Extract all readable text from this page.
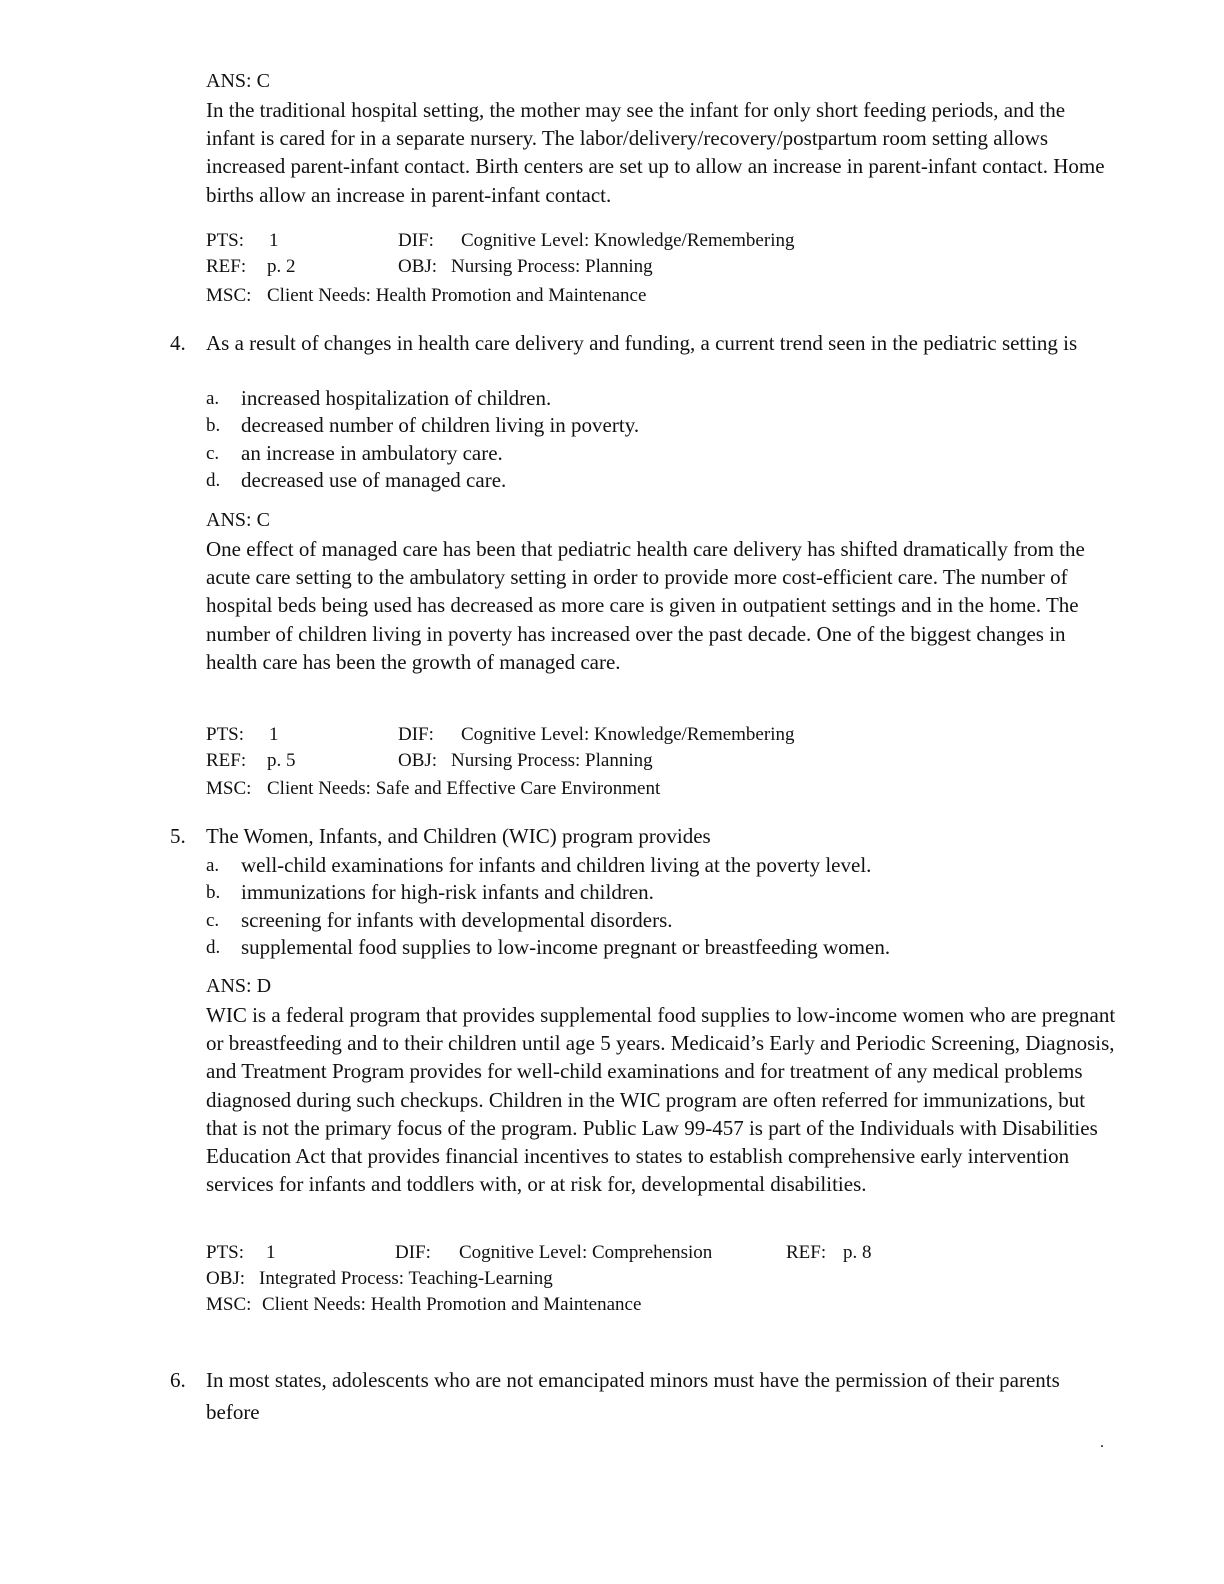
ANS: C
In the traditional hospital setting, the mother may see the infant for only short feeding periods, and the infant is cared for in a separate nursery. The labor/delivery/recovery/postpartum room setting allows increased parent-infant contact. Birth centers are set up to allow an increase in parent-infant contact. Home births allow an increase in parent-infant contact.
PTS: 1	DIF: Cognitive Level: Knowledge/Remembering
REF: p. 2	OBJ: Nursing Process: Planning
MSC: Client Needs: Health Promotion and Maintenance
4. As a result of changes in health care delivery and funding, a current trend seen in the pediatric setting is
a. increased hospitalization of children.
b. decreased number of children living in poverty.
c. an increase in ambulatory care.
d. decreased use of managed care.
ANS: C
One effect of managed care has been that pediatric health care delivery has shifted dramatically from the acute care setting to the ambulatory setting in order to provide more cost-efficient care. The number of hospital beds being used has decreased as more care is given in outpatient settings and in the home. The number of children living in poverty has increased over the past decade. One of the biggest changes in health care has been the growth of managed care.
PTS: 1	DIF: Cognitive Level: Knowledge/Remembering
REF: p. 5	OBJ: Nursing Process: Planning
MSC: Client Needs: Safe and Effective Care Environment
5. The Women, Infants, and Children (WIC) program provides
a. well-child examinations for infants and children living at the poverty level.
b. immunizations for high-risk infants and children.
c. screening for infants with developmental disorders.
d. supplemental food supplies to low-income pregnant or breastfeeding women.
ANS: D
WIC is a federal program that provides supplemental food supplies to low-income women who are pregnant or breastfeeding and to their children until age 5 years. Medicaid’s Early and Periodic Screening, Diagnosis, and Treatment Program provides for well-child examinations and for treatment of any medical problems diagnosed during such checkups. Children in the WIC program are often referred for immunizations, but that is not the primary focus of the program. Public Law 99-457 is part of the Individuals with Disabilities Education Act that provides financial incentives to states to establish comprehensive early intervention services for infants and toddlers with, or at risk for, developmental disabilities.
PTS: 1	DIF: Cognitive Level: Comprehension	REF: p. 8
OBJ: Integrated Process: Teaching-Learning
MSC: Client Needs: Health Promotion and Maintenance
6. In most states, adolescents who are not emancipated minors must have the permission of their parents before
.
